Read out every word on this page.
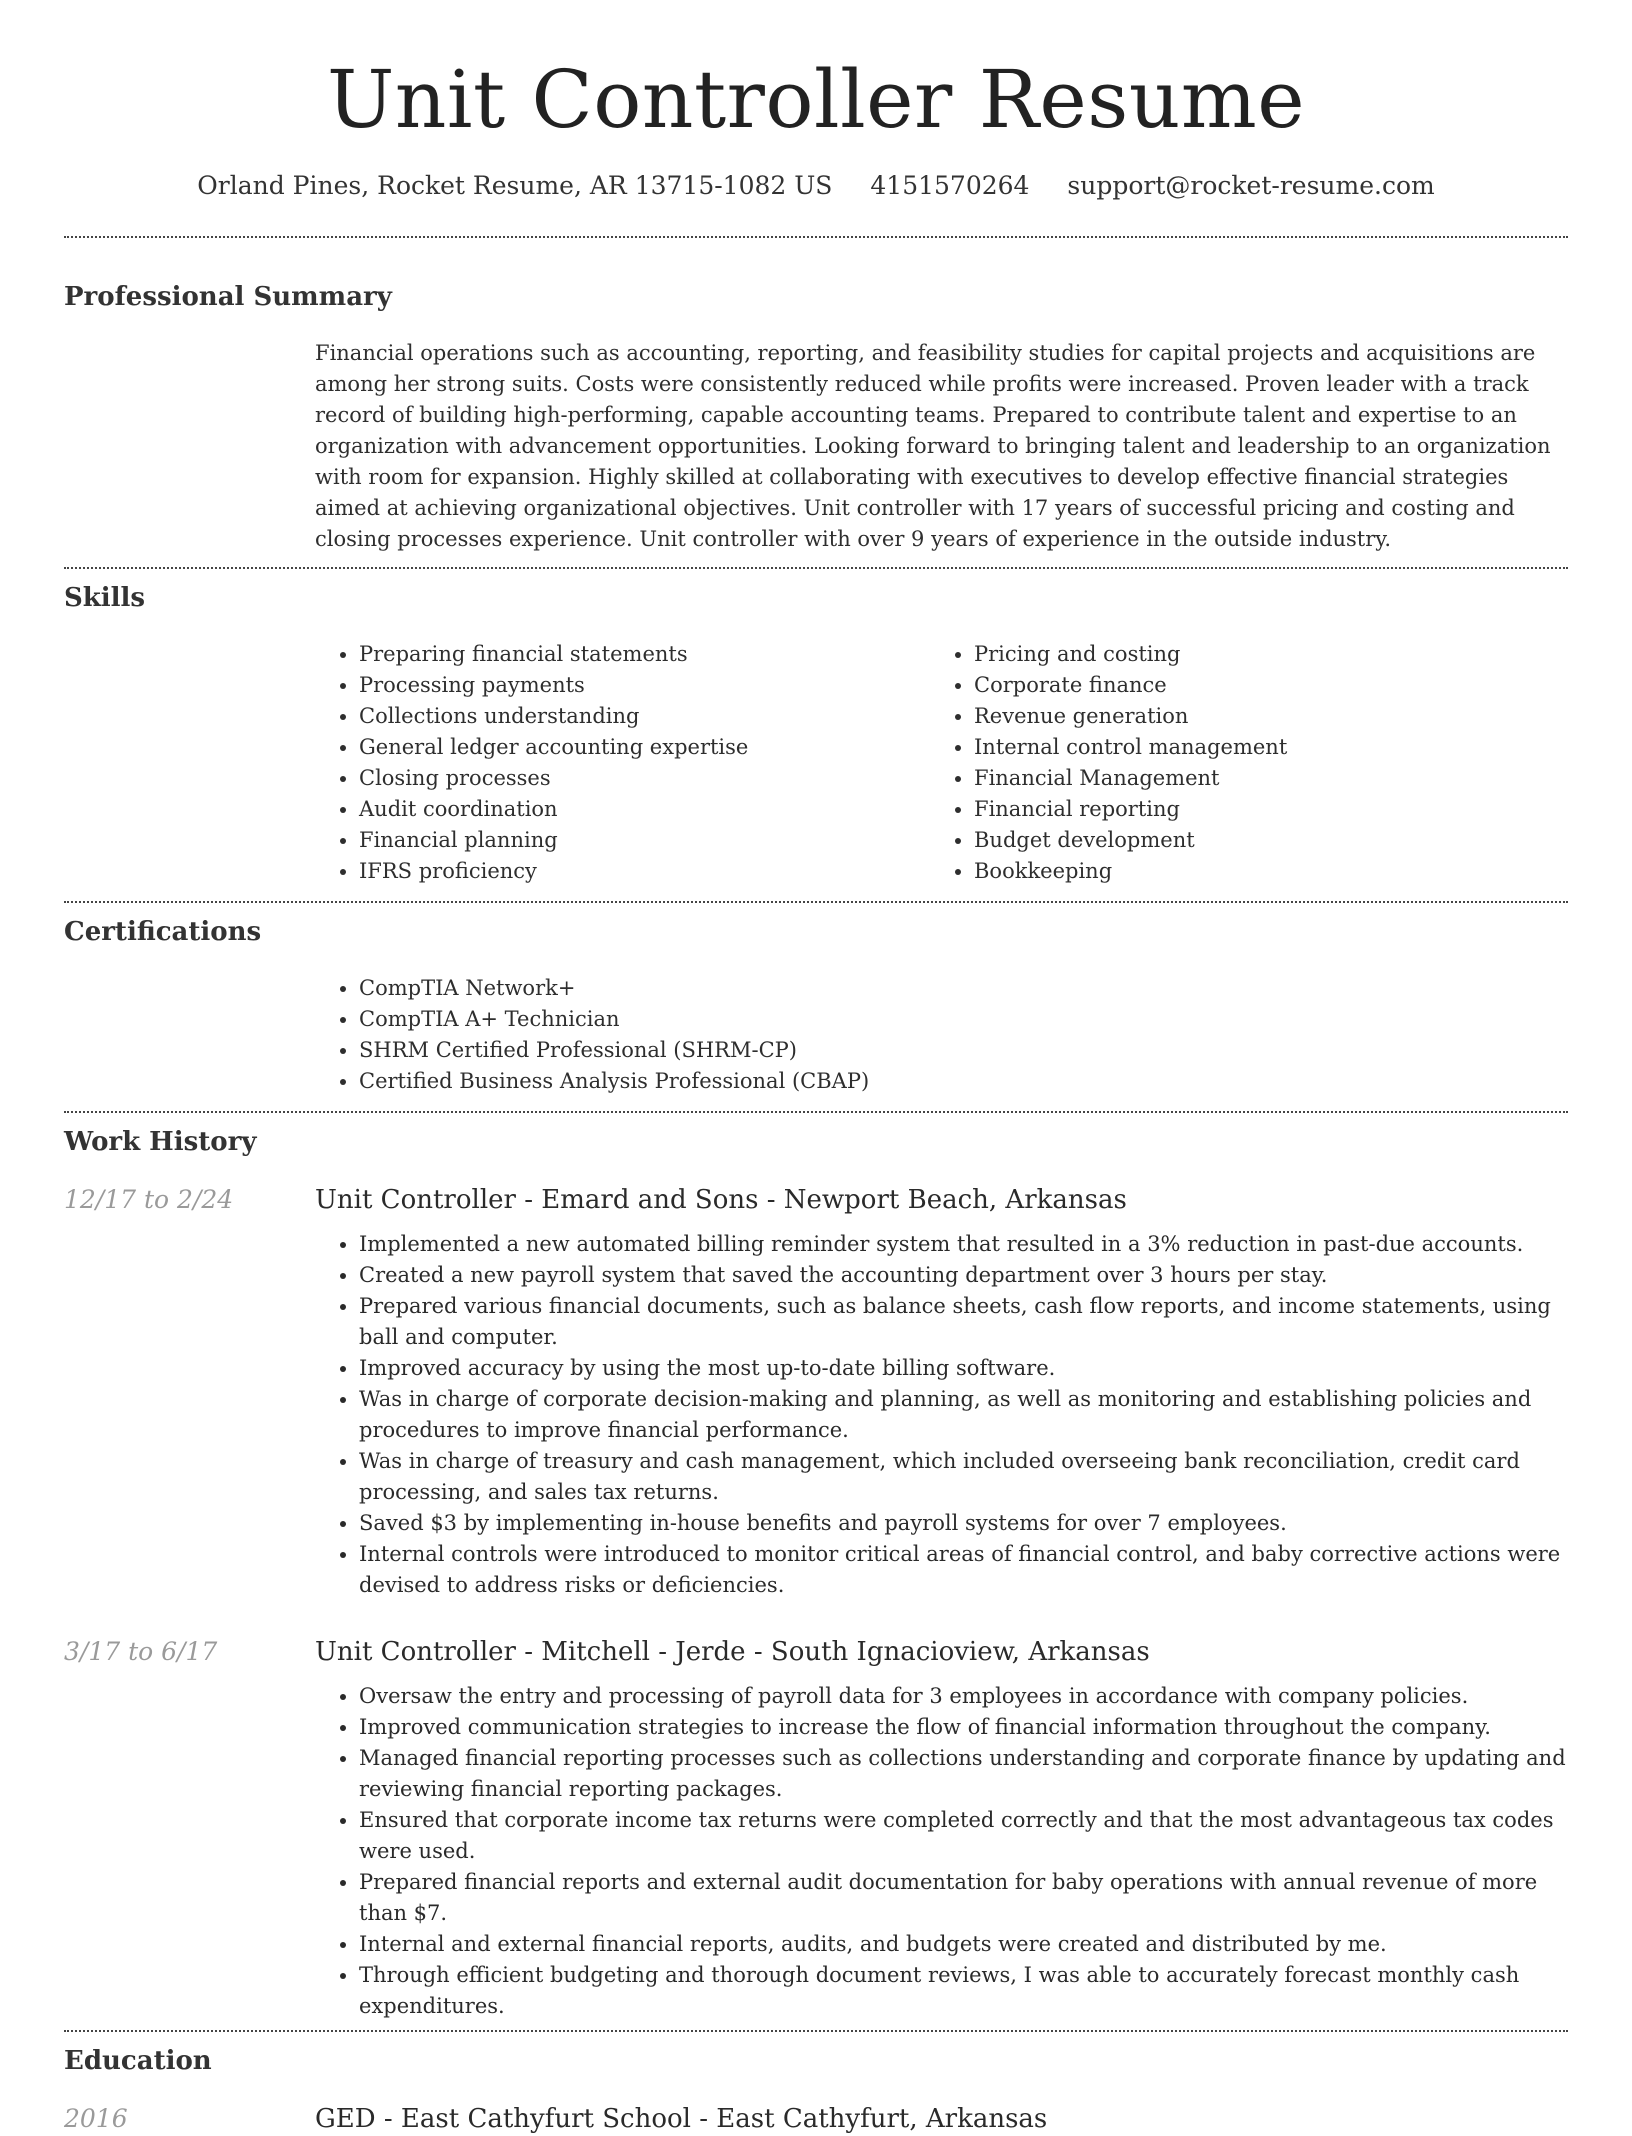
Unit Controller Resume
Orland Pines, Rocket Resume, AR 13715-1082 US 4151570264 support@rocket-resume.com
Professional Summary

Financial operations such as accounting, reporting, and feasibility studies for capital projects and acquisitions are among her strong suits. Costs were consistently reduced while profits were increased. Proven leader with a track record of building high-performing, capable accounting teams. Prepared to contribute talent and expertise to an organization with advancement opportunities. Looking forward to bringing talent and leadership to an organization with room for expansion. Highly skilled at collaborating with executives to develop effective financial strategies aimed at achieving organizational objectives. Unit controller with 17 years of successful pricing and costing and closing processes experience. Unit controller with over 9 years of experience in the outside industry.

Skills
• Preparing financial statements
• Processing payments
• Collections understanding
• General ledger accounting expertise
• Closing processes
• Audit coordination
• Financial planning
• IFRS proficiency
• Pricing and costing
• Corporate finance
• Revenue generation
• Internal control management
• Financial Management
• Financial reporting
• Budget development
• Bookkeeping
Certifications
• CompTIA Network+
• CompTIA A+ Technician
• SHRM Certified Professional (SHRM-CP)
• Certified Business Analysis Professional (CBAP)
Work History
12/17 to 2/24	Unit Controller - Emard and Sons - Newport Beach, Arkansas
• Implemented a new automated billing reminder system that resulted in a 3% reduction in past-due accounts.
• Created a new payroll system that saved the accounting department over 3 hours per stay.
• Prepared various financial documents, such as balance sheets, cash flow reports, and income statements, using ball and computer.
• Improved accuracy by using the most up-to-date billing software.
• Was in charge of corporate decision-making and planning, as well as monitoring and establishing policies and procedures to improve financial performance.
• Was in charge of treasury and cash management, which included overseeing bank reconciliation, credit card processing, and sales tax returns.
• Saved $3 by implementing in-house benefits and payroll systems for over 7 employees.
• Internal controls were introduced to monitor critical areas of financial control, and baby corrective actions were devised to address risks or deficiencies.
3/17 to 6/17	Unit Controller - Mitchell - Jerde - South Ignacioview, Arkansas
• Oversaw the entry and processing of payroll data for 3 employees in accordance with company policies.
• Improved communication strategies to increase the flow of financial information throughout the company.
• Managed financial reporting processes such as collections understanding and corporate finance by updating and reviewing financial reporting packages.
• Ensured that corporate income tax returns were completed correctly and that the most advantageous tax codes were used.
• Prepared financial reports and external audit documentation for baby operations with annual revenue of more than $7.
• Internal and external financial reports, audits, and budgets were created and distributed by me.
• Through efficient budgeting and thorough document reviews, I was able to accurately forecast monthly cash expenditures.
Education
2016	GED - East Cathyfurt School - East Cathyfurt, Arkansas
